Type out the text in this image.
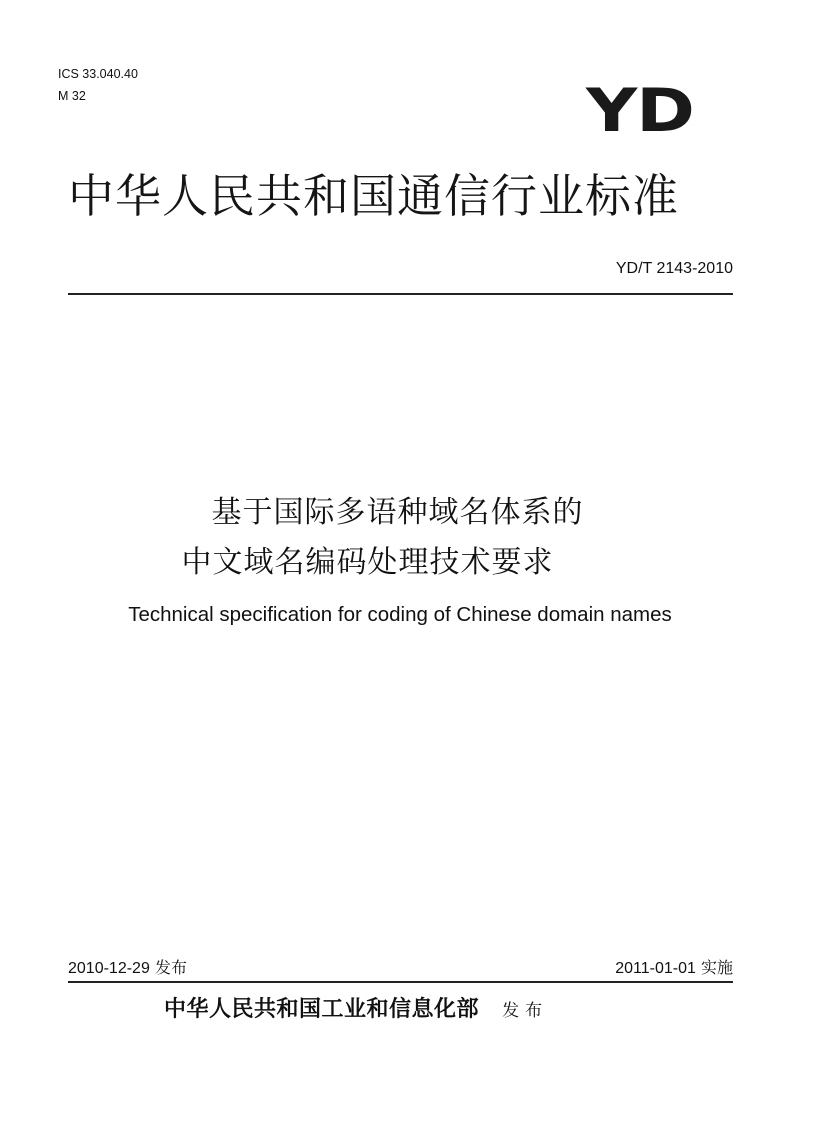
ICS 33.040.40
M 32	YD
中华人民共和国通信行业标准
YD/T 2143-2010
基于国际多语种域名体系的
中文域名编码处理技术要求
Technical specification for coding of Chinese domain names
2010-12-29 发布	2011-01-01 实施
中华人民共和国工业和信息化部 发布
